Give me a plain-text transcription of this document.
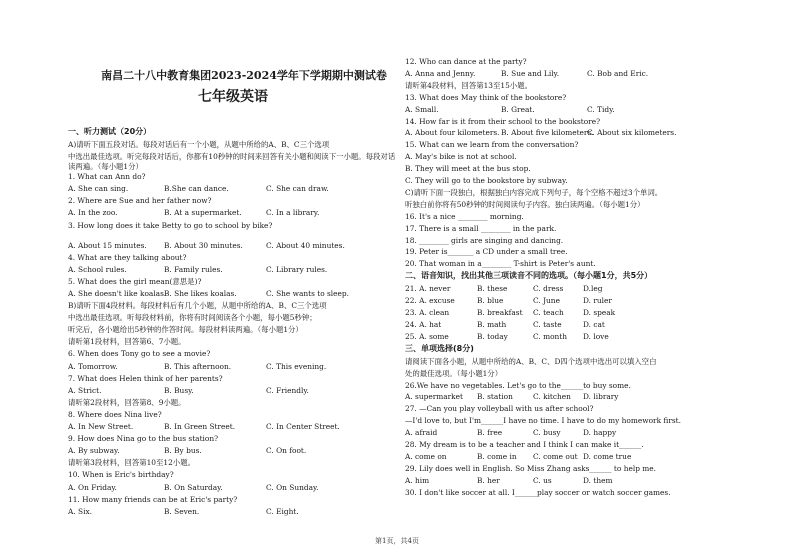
南昌二十八中教育集团2023-2024学年下学期期中测试卷
七年级英语
一、听力测试（20分）
A)请听下面五段对话。每段对话后有一个小题，从题中所给的A、B、C三个选项
中选出最佳选项。听完每段对话后，你都有10秒钟的时间来回答有关小题和阅读下一小题。每段对话读两遍。（每小题1分）
1. What can Ann do?
A. She can sing.	B.She can dance.	C. She can draw.
2. Where are Sue and her father now?
A. In the zoo.	B. At a supermarket.	C. In a library.
3. How long does it take Betty to go to school by bike?
A. About 15 minutes. B. About 30 minutes.	C. About 40 minutes.
4. What are they talking about?
A. School rules.	B. Family rules.	C. Library rules.
5. What does the girl mean(意思是)?
A. She doesn't like koalas.
B. She likes koalas.	C. She wants to sleep.
B)请听下面4段材料。每段材料后有几个小题，从题中所给的A、B、C三个选项
中选出最佳选项。听每段材料前，你将有时间阅读各个小题，每小题5秒钟；
听完后，各小题给出5秒钟的作答时间。每段材料读两遍。（每小题1分）
请听第1段材料，回答第6、7小题。
6. When does Tony go to see a movie?
A. Tomorrow.	B. This afternoon.	C. This evening.
7. What does Helen think of her parents?
A. Strict.	B. Busy.	C. Friendly.
请听第2段材料，回答第8、9小题。
8. Where does Nina live?
A. In New Street.	B. In Green Street.	C. In Center Street.
9. How does Nina go to the bus station?
A. By subway.	B. By bus.	C. On foot.
请听第3段材料，回答第10至12小题。
10. When is Eric's birthday?
A. On Friday.	B. On Saturday.	C. On Sunday.
11. How many friends can be at Eric's party?
A. Six.	B. Seven.	C. Eight.
12. Who can dance at the party?
A. Anna and Jenny.	B. Sue and Lily.	C. Bob and Eric.
请听第4段材料，回答第13至15小题。
13. What does May think of the bookstore?
A. Small.	B. Great.	C. Tidy.
14. How far is it from their school to the bookstore?
A. About four kilometers. B. About five kilometers.
C. About six kilometers.
15. What can we learn from the conversation?
A. May's bike is not at school.
B. They will meet at the bus stop.
C. They will go to the bookstore by subway.
C)请听下面一段独白，根据独白内容完成下列句子，每个空格不超过3个单词。
听独白前你将有50秒钟的时间阅读句子内容。独白读两遍。（每小题1分）
16. It's a nice ________ morning.
17. There is a small ________ in the park.
18. ________ girls are singing and dancing.
19. Peter is_______ a CD under a small tree.
20. That woman in a________ T-shirt is Peter's aunt.
二、语音知识，找出其他三项读音不同的选项。（每小题1分，共5分）
21. A. never	B. these	C. dress	D.leg
22. A. excuse	B. blue	C. June	D. ruler
23. A. clean	B. breakfast C. teach	D. speak
24. A. hat	B. math	C. taste	D. cat
25. A. some	B. today	C. month D. love
三、单项选择(8分)
请阅读下面各小题，从题中所给的A、B、C、D四个选项中选出可以填入空白
处的最佳选项。（每小题1分）
26.We have no vegetables. Let's go to the______to buy some.
A. supermarket B. station	C. kitchen D. library
27. —Can you play volleyball with us after school?
—I'd love to, but I'm______I have no time. I have to do my homework first.
A. afraid	B. free	C. busy	D. happy
28. My dream is to be a teacher and I think I can make it______.
A. come on	B. come in C. come out D. come true
29. Lily does well in English. So Miss Zhang asks______ to help me.
A. him	B. her	C. us	D. them
30. I don't like soccer at all. I______play soccer or watch soccer games.
第1页，共4页
